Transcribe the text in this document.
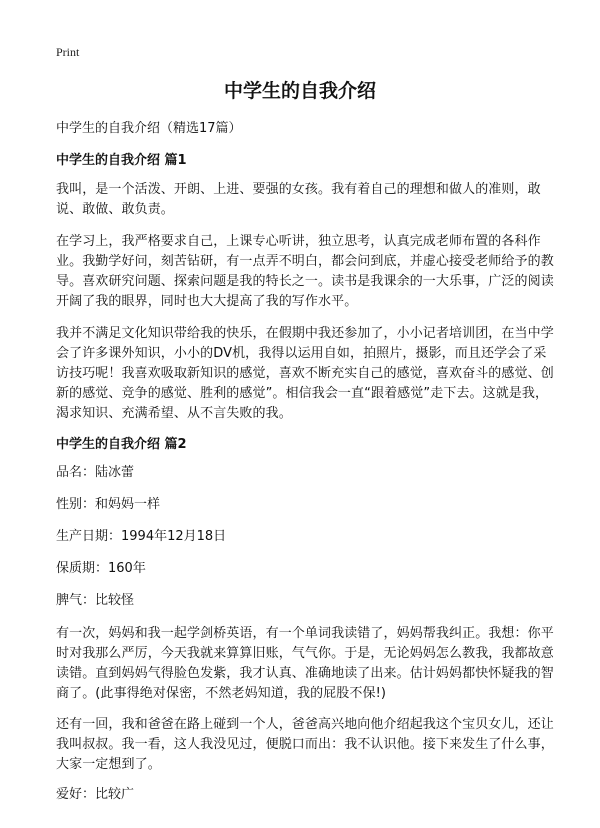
Print
中学生的自我介绍

中学生的自我介绍（精选17篇）

中学生的自我介绍 篇1

我叫，是一个活泼、开朗、上进、要强的女孩。我有着自己的理想和做人的准则，敢说、敢做、敢负责。

在学习上，我严格要求自己，上课专心听讲，独立思考，认真完成老师布置的各科作业。我勤学好问，刻苦钻研，有一点弄不明白，都会问到底，并虚心接受老师给予的教导。喜欢研究问题、探索问题是我的特长之一。读书是我课余的一大乐事，广泛的阅读开阔了我的眼界，同时也大大提高了我的写作水平。

我并不满足文化知识带给我的快乐，在假期中我还参加了，小小记者培训团，在当中学会了许多课外知识，小小的DV机，我得以运用自如，拍照片，摄影，而且还学会了采访技巧呢！我喜欢吸取新知识的感觉，喜欢不断充实自己的感觉，喜欢奋斗的感觉、创新的感觉、竞争的感觉、胜利的感觉”。相信我会一直“跟着感觉”走下去。这就是我，渴求知识、充满希望、从不言失败的我。

中学生的自我介绍 篇2

品名：陆冰蕾

性别：和妈妈一样

生产日期：1994年12月18日

保质期：160年

脾气：比较怪

有一次，妈妈和我一起学剑桥英语，有一个单词我读错了，妈妈帮我纠正。我想：你平时对我那么严厉，今天我就来算算旧账，气气你。于是，无论妈妈怎么教我，我都故意读错。直到妈妈气得脸色发紫，我才认真、准确地读了出来。估计妈妈都快怀疑我的智商了。(此事得绝对保密，不然老妈知道，我的屁股不保!)

还有一回，我和爸爸在路上碰到一个人，爸爸高兴地向他介绍起我这个宝贝女儿，还让我叫叔叔。我一看，这人我没见过，便脱口而出：我不认识他。接下来发生了什么事，大家一定想到了。

爱好：比较广
